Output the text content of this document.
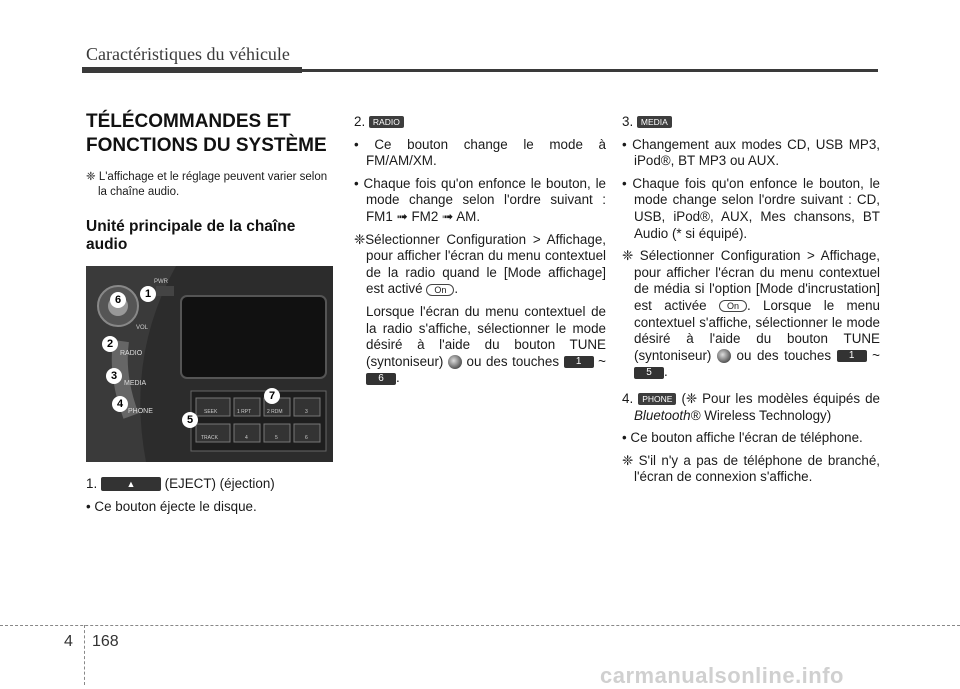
Caractéristiques du véhicule
TÉLÉCOMMANDES ET
FONCTIONS DU SYSTÈME

❈ L'affichage et le réglage peuvent varier selon la chaîne audio.

Unité principale de la chaîne audio
PWR
VOL
RADIO
MEDIA
PHONE	SEEK
TRACK
1 RPT	2 RDM	3
4	5	6
6	1
2
3
4
5
7

1.	▲ (EJECT) (éjection)

• Ce bouton éjecte le disque.

2. RADIO

• Ce bouton change le mode à FM/AM/XM.

• Chaque fois qu'on enfonce le bouton, le mode change selon l'ordre suivant : FM1 ➟ FM2 ➟ AM.

❈Sélectionner Configuration > Affichage, pour afficher l'écran du menu contextuel de la radio quand le [Mode affichage] est activé On .

Lorsque l'écran du menu contextuel de la radio s'affiche, sélectionner le mode désiré à l'aide du bouton TUNE (syntoniseur) ou des touches 1 ~ 6 .

3. MEDIA

• Changement aux modes CD, USB MP3, iPod®, BT MP3 ou AUX.

• Chaque fois qu'on enfonce le bouton, le mode change selon l'ordre suivant : CD, USB, iPod®, AUX, Mes chansons, BT Audio (* si équipé).

❈ Sélectionner Configuration > Affichage, pour afficher l'écran du menu contextuel de média si l'option [Mode d'incrustation] est activée On . Lorsque le menu contextuel s'affiche, sélectionner le mode désiré à l'aide du bouton TUNE (syntoniseur) ou des touches 1 ~ 5 .

4. PHONE (❈ Pour les modèles équipés de Bluetooth® Wireless Technology)

• Ce bouton affiche l'écran de téléphone.

❈ S'il n'y a pas de téléphone de branché, l'écran de connexion s'affiche.

4 168
carmanualsonline.info
